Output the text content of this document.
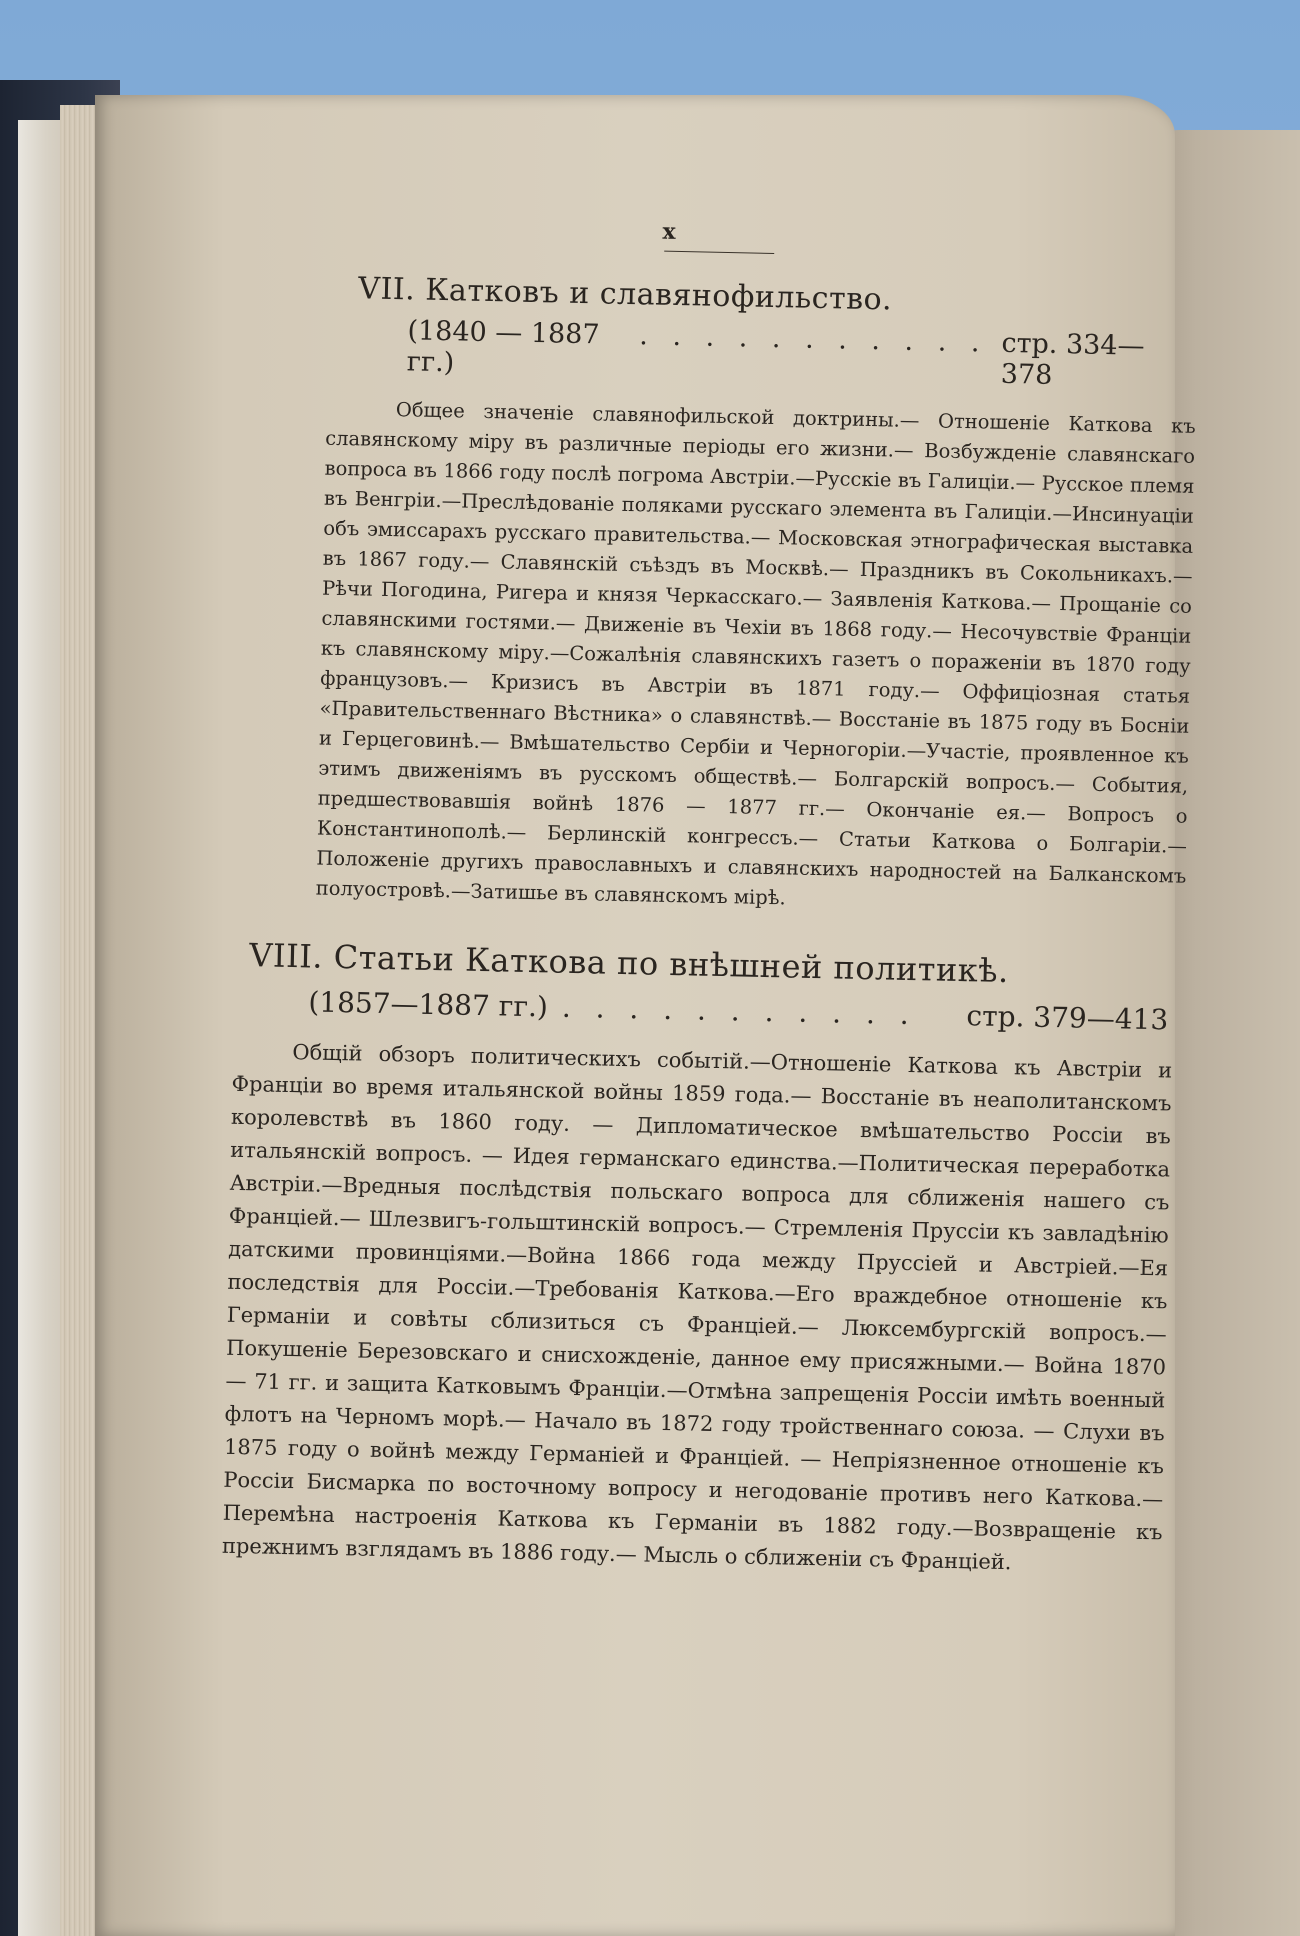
x
VII. Катковъ и славянофильство.
(1840 — 1887 гг.)
. . . . . . . . . . . стр. 334—378
Общее значенiе славянофильской доктрины.— Отношенiе Каткова къ славянскому мiру въ различные перiоды его жизни.— Возбужденiе славянскаго вопроса въ 1866 году послѣ погрома Австрiи.—Русскiе въ Галицiи.— Русское племя въ Венгрiи.—Преслѣдованiе поляками русскаго элемента въ Галицiи.—Инсинуацiи объ эмиссарахъ русскаго правительства.— Московская этнографическая выставка въ 1867 году.— Славянскiй съѣздъ въ Москвѣ.— Праздникъ въ Сокольникахъ.— Рѣчи Погодина, Ригера и князя Черкасскаго.— Заявленiя Каткова.— Прощанiе со славянскими гостями.— Движенiе въ Чехiи въ 1868 году.— Несочувствiе Францiи къ славянскому мiру.—Сожалѣнiя славянскихъ газетъ о пораженiи въ 1870 году французовъ.— Кризисъ въ Австрiи въ 1871 году.— Оффицiозная статья «Правительственнаго Вѣстника» о славянствѣ.— Восстанiе въ 1875 году въ Боснiи и Герцеговинѣ.— Вмѣшательство Сербiи и Черногорiи.—Участiе, проявленное къ этимъ движенiямъ въ русскомъ обществѣ.— Болгарскiй вопросъ.— События, предшествовавшiя войнѣ 1876 — 1877 гг.— Окончанiе ея.— Вопросъ о Константинополѣ.— Берлинскiй конгрессъ.— Статьи Каткова о Болгарiи.— Положенiе другихъ православныхъ и славянскихъ народностей на Балканскомъ полуостровѣ.—Затишье въ славянскомъ мiрѣ.
VIII. Статьи Каткова по внѣшней политикѣ.
(1857—1887 гг.) . . . . . . . . . . .	стр. 379—413
Общiй обзоръ политическихъ событiй.—Отношенiе Каткова къ Австрiи и Францiи во время итальянской войны 1859 года.— Восстанiе въ неаполитанскомъ королевствѣ въ 1860 году. — Дипломатическое вмѣшательство Россiи въ итальянскiй вопросъ. — Идея германскаго единства.—Политическая переработка Австрiи.—Вредныя послѣдствiя польскаго вопроса для сближенiя нашего съ Францiей.— Шлезвигъ-гольштинскiй вопросъ.— Стремленiя Пруссiи къ завладѣнiю датскими провинцiями.—Война 1866 года между Пруссiей и Австрiей.—Ея последствiя для Россiи.—Требованiя Каткова.—Его враждебное отношенiе къ Германiи и совѣты сблизиться съ Францiей.— Люксембургскiй вопросъ.—Покушенiе Березовскаго и снисхожденiе, данное ему присяжными.— Война 1870 — 71 гг. и защита Катковымъ Францiи.—Отмѣна запрещенiя Россiи имѣть военный флотъ на Черномъ морѣ.— Начало въ 1872 году тройственнаго союза. — Слухи въ 1875 году о войнѣ между Германiей и Францiей. — Непрiязненное отношенiе къ Россiи Бисмарка по восточному вопросу и негодованiе противъ него Каткова.—Перемѣна настроенiя Каткова къ Германiи въ 1882 году.—Возвращенiе къ прежнимъ взглядамъ въ 1886 году.— Мысль о сближенiи съ Францiей.
